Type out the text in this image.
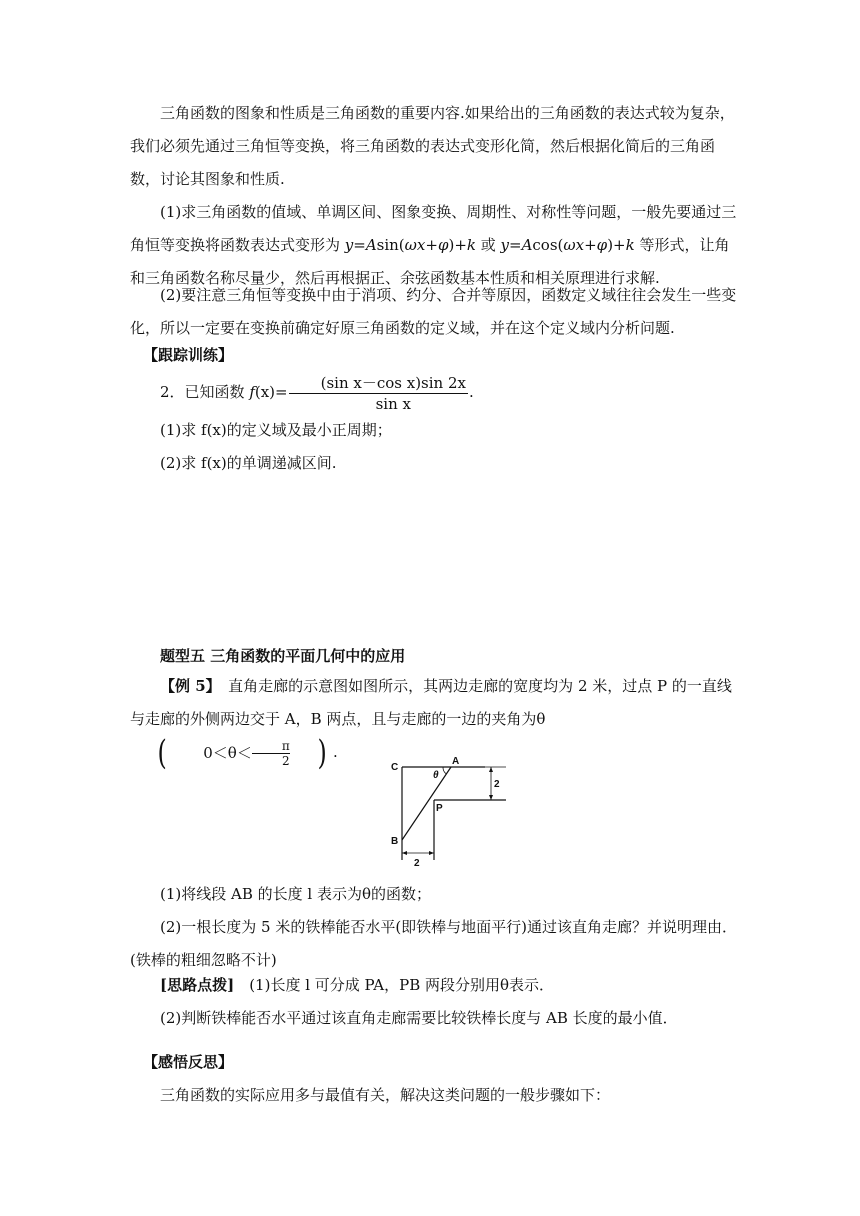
三角函数的图象和性质是三角函数的重要内容.如果给出的三角函数的表达式较为复杂，我们必须先通过三角恒等变换，将三角函数的表达式变形化简，然后根据化简后的三角函数，讨论其图象和性质.

(1)求三角函数的值域、单调区间、图象变换、周期性、对称性等问题，一般先要通过三角恒等变换将函数表达式变形为 y=Asin(ωx+φ)+k 或 y=Acos(ωx+φ)+k 等形式，让角和三角函数名称尽量少，然后再根据正、余弦函数基本性质和相关原理进行求解.

(2)要注意三角恒等变换中由于消项、约分、合并等原因，函数定义域往往会发生一些变化，所以一定要在变换前确定好原三角函数的定义域，并在这个定义域内分析问题.

【跟踪训练】

2．已知函数 $f(x)= \frac{\text{(sin x－cos x)sin 2x}}{\text{sin x}}$ .

(1)求 f(x)的定义域及最小正周期；

(2)求 f(x)的单调递减区间.

题型五 三角函数的平面几何中的应用

【例 5】　直角走廊的示意图如图所示，其两边走廊的宽度均为 2 米，过点 P 的一直线与走廊的外侧两边交于 A，B 两点，且与走廊的一边的夹角为θ
(	$0<\theta< \frac{\pi}{2}$ ) .

C
A
θ
P
B
2
2

(1)将线段 AB 的长度 l 表示为θ的函数；

(2)一根长度为 5 米的铁棒能否水平(即铁棒与地面平行)通过该直角走廊？并说明理由．(铁棒的粗细忽略不计)

[思路点拨]　(1)长度 l 可分成 PA，PB 两段分别用θ表示．

(2)判断铁棒能否水平通过该直角走廊需要比较铁棒长度与 AB 长度的最小值．

【感悟反思】

三角函数的实际应用多与最值有关，解决这类问题的一般步骤如下：
